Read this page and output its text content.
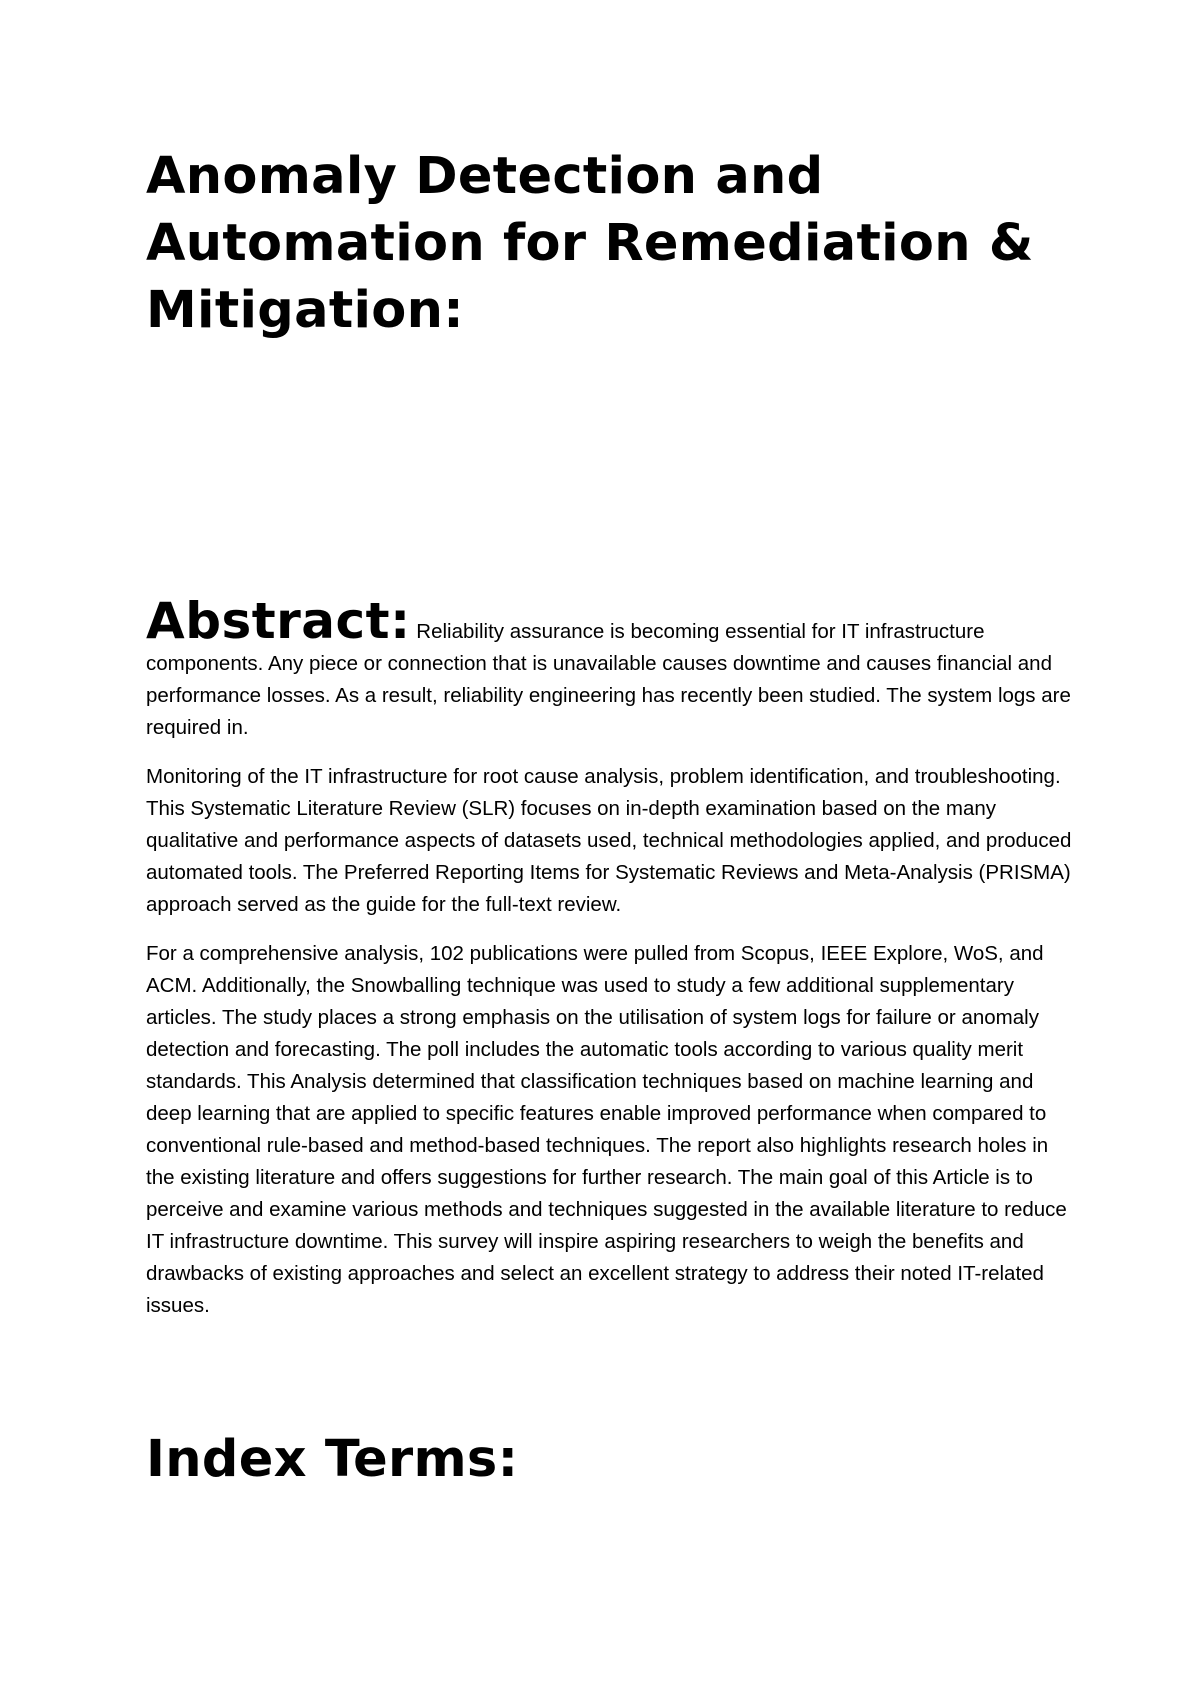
Anomaly Detection and Automation for Remediation & Mitigation:

Abstract: Reliability assurance is becoming essential for IT infrastructure components. Any piece or connection that is unavailable causes downtime and causes financial and performance losses. As a result, reliability engineering has recently been studied. The system logs are required in.

Monitoring of the IT infrastructure for root cause analysis, problem identification, and troubleshooting. This Systematic Literature Review (SLR) focuses on in-depth examination based on the many qualitative and performance aspects of datasets used, technical methodologies applied, and produced automated tools. The Preferred Reporting Items for Systematic Reviews and Meta-Analysis (PRISMA) approach served as the guide for the full-text review.

For a comprehensive analysis, 102 publications were pulled from Scopus, IEEE Explore, WoS, and ACM. Additionally, the Snowballing technique was used to study a few additional supplementary articles. The study places a strong emphasis on the utilisation of system logs for failure or anomaly detection and forecasting. The poll includes the automatic tools according to various quality merit standards. This Analysis determined that classification techniques based on machine learning and deep learning that are applied to specific features enable improved performance when compared to conventional rule-based and method-based techniques. The report also highlights research holes in the existing literature and offers suggestions for further research. The main goal of this Article is to perceive and examine various methods and techniques suggested in the available literature to reduce IT infrastructure downtime. This survey will inspire aspiring researchers to weigh the benefits and drawbacks of existing approaches and select an excellent strategy to address their noted IT-related issues.

Index Terms:
